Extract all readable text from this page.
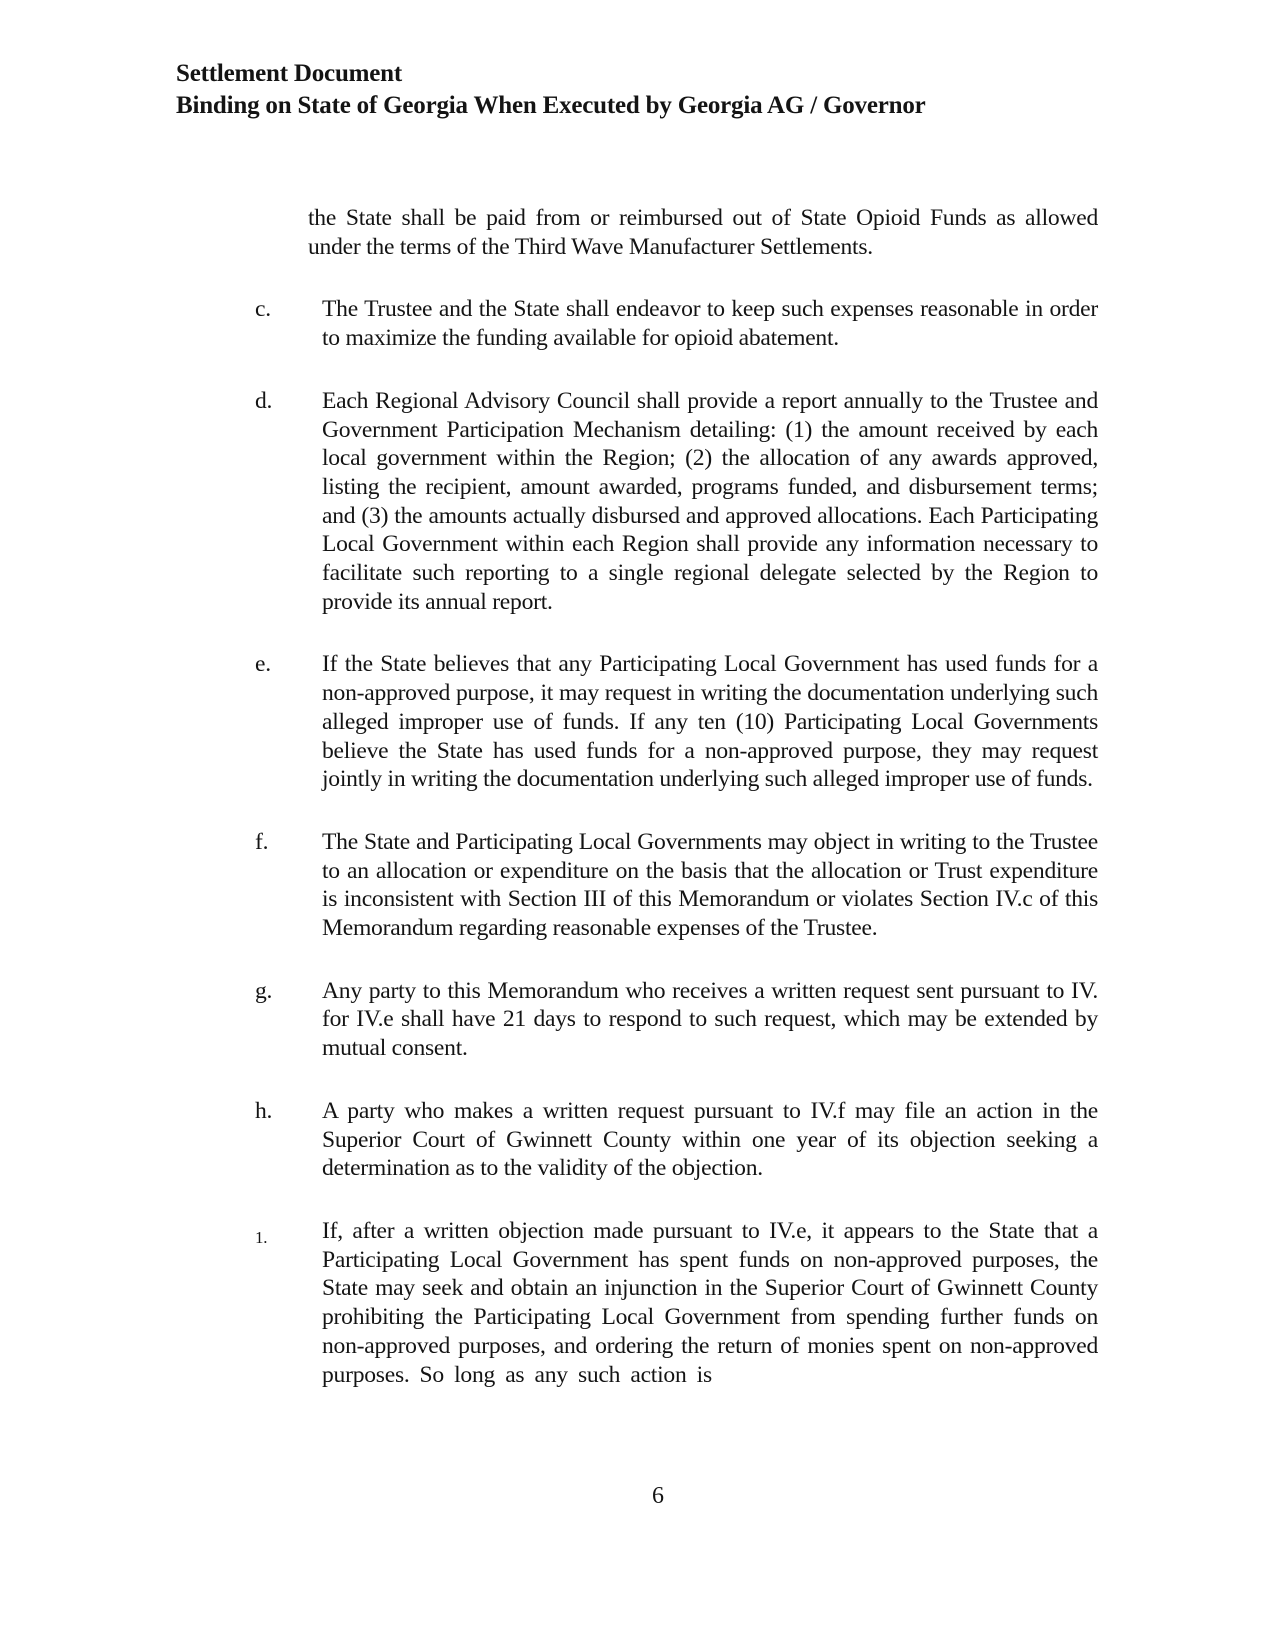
Settlement Document
Binding on State of Georgia When Executed by Georgia AG / Governor

the State shall be paid from or reimbursed out of State Opioid Funds as allowed under the terms of the Third Wave Manufacturer Settlements.

c. The Trustee and the State shall endeavor to keep such expenses reasonable in order to maximize the funding available for opioid abatement.

d. Each Regional Advisory Council shall provide a report annually to the Trustee and Government Participation Mechanism detailing: (1) the amount received by each local government within the Region; (2) the allocation of any awards approved, listing the recipient, amount awarded, programs funded, and disbursement terms; and (3) the amounts actually disbursed and approved allocations. Each Participating Local Government within each Region shall provide any information necessary to facilitate such reporting to a single regional delegate selected by the Region to provide its annual report.

e. If the State believes that any Participating Local Government has used funds for a non-approved purpose, it may request in writing the documentation underlying such alleged improper use of funds. If any ten (10) Participating Local Governments believe the State has used funds for a non-approved purpose, they may request jointly in writing the documentation underlying such alleged improper use of funds.

f. The State and Participating Local Governments may object in writing to the Trustee to an allocation or expenditure on the basis that the allocation or Trust expenditure is inconsistent with Section III of this Memorandum or violates Section IV.c of this Memorandum regarding reasonable expenses of the Trustee.

g. Any party to this Memorandum who receives a written request sent pursuant to IV. for IV.e shall have 21 days to respond to such request, which may be extended by mutual consent.

h. A party who makes a written request pursuant to IV.f may file an action in the Superior Court of Gwinnett County within one year of its objection seeking a determination as to the validity of the objection.

1. If, after a written objection made pursuant to IV.e, it appears to the State that a Participating Local Government has spent funds on non-approved purposes, the State may seek and obtain an injunction in the Superior Court of Gwinnett County prohibiting the Participating Local Government from spending further funds on non-approved purposes, and ordering the return of monies spent on non-approved purposes. So long as any such action is

6
